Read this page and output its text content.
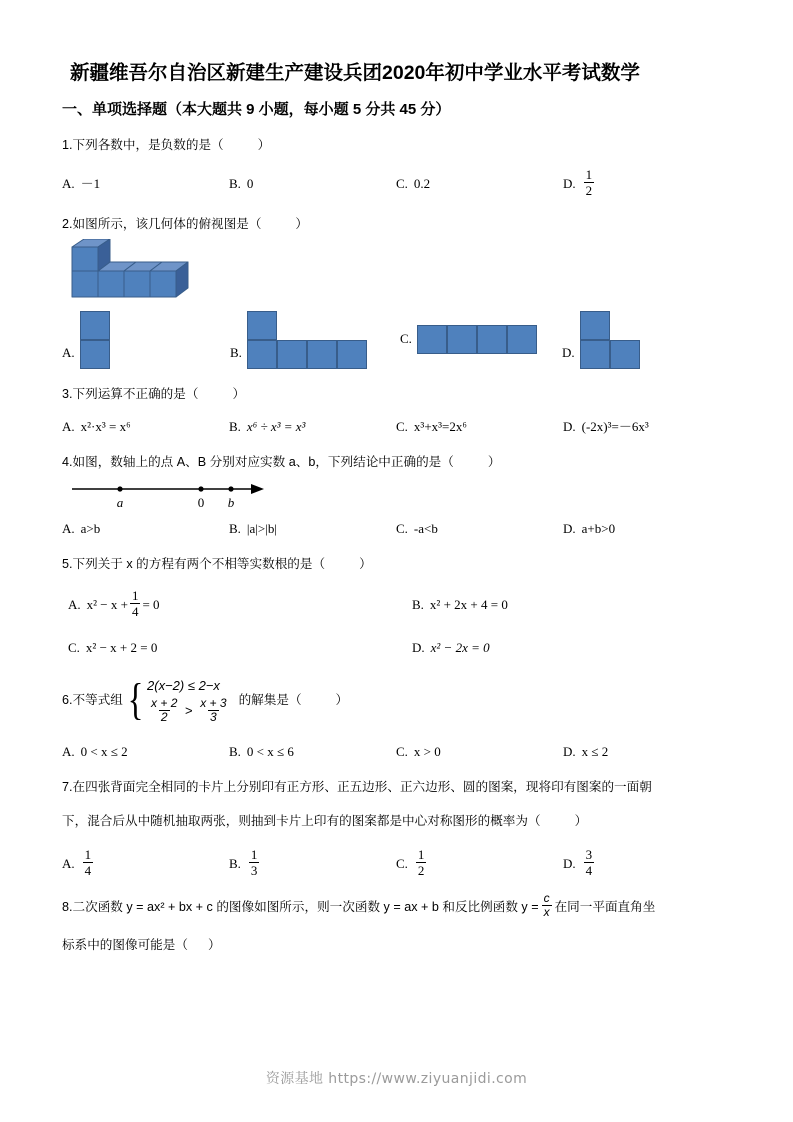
新疆维吾尔自治区新建生产建设兵团2020年初中学业水平考试数学
一、单项选择题（本大题共 9 小题，每小题 5 分共 45 分）
1.下列各数中，是负数的是（	）
A. －1	B. 0	C. 0.2	D. $\frac{1}{2}$
2.如图所示，该几何体的俯视图是（	）
A.	B.
C.
D.
3.下列运算不正确的是（	）
A. x²·x³ = x⁶	B. x⁶ ÷ x³ = x³	C. x³+x³=2x⁶	D. (-2x)³=－6x³
4.如图，数轴上的点 A、B 分别对应实数 a、b，下列结论中正确的是（	）
a	0 b
A. a>b	B. |a|>|b|	C. -a<b	D. a+b>0
5.下列关于 x 的方程有两个不相等实数根的是（	）
A. $x^2 - x + \frac{1}{4} = 0$	B. x² + 2x + 4 = 0
C. x² − x + 2 = 0	D. x² − 2x = 0
6. 不等式组 { 2(x−2) ≤ 2−x
$\frac{x + 2}{2} > \frac{x + 3}{3}$ 的解集是（	）
A. 0 < x ≤ 2	B. 0 < x ≤ 6	C. x > 0	D. x ≤ 2
7.在四张背面完全相同的卡片上分别印有正方形、正五边形、正六边形、圆的图案，现将印有图案的一面朝
下，混合后从中随机抽取两张，则抽到卡片上印有的图案都是中心对称图形的概率为（	）
A. $\frac{1}{4}$	B. $\frac{1}{3}$	C. $\frac{1}{2}$	D. $\frac{3}{4}$
8. 二次函数 y = ax² + bx + c 的图像如图所示，则一次函数 y = ax + b 和反比例函数 $y = \frac{c}{x}$ 在同一平面直角坐
标系中的图像可能是（ ）
资源基地 https://www.ziyuanjidi.com
